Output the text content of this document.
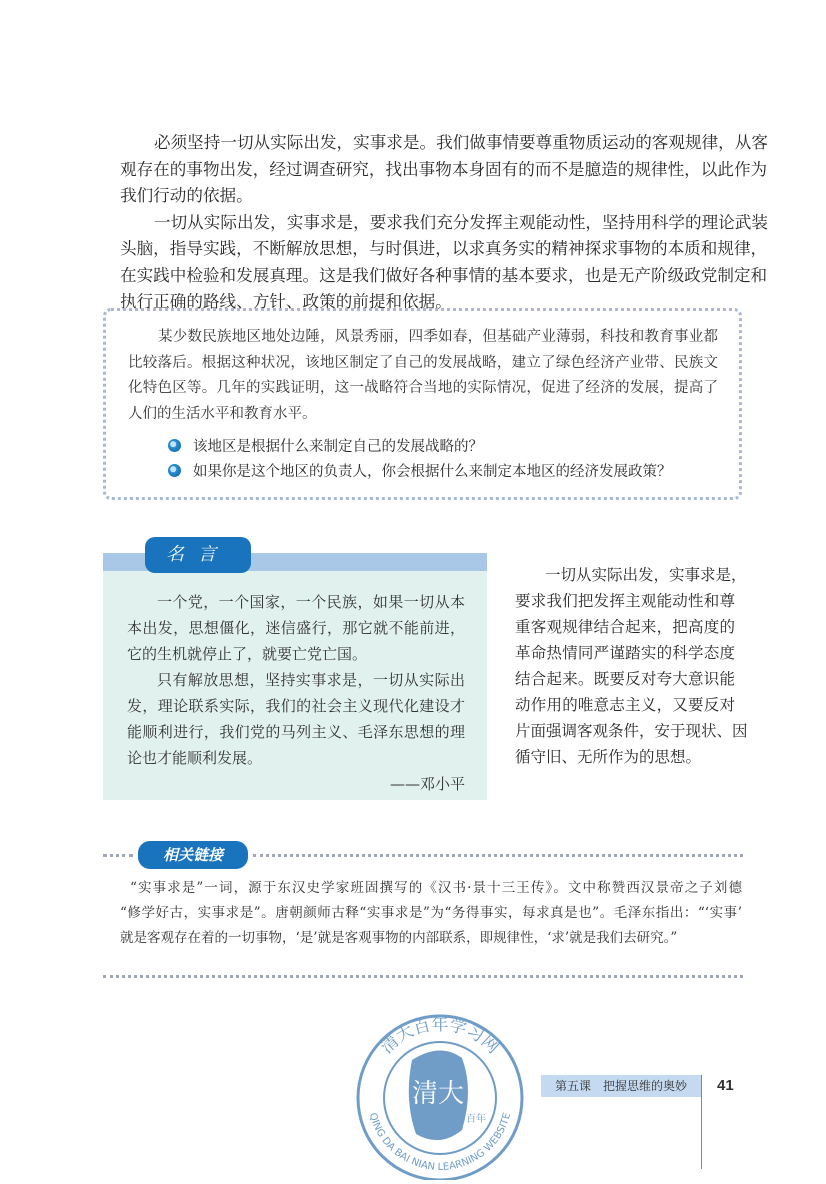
必须坚持一切从实际出发，实事求是。我们做事情要尊重物质运动的客观规律，从客
观存在的事物出发，经过调查研究，找出事物本身固有的而不是臆造的规律性，以此作为
我们行动的依据。
一切从实际出发，实事求是，要求我们充分发挥主观能动性，坚持用科学的理论武装
头脑，指导实践，不断解放思想，与时俱进，以求真务实的精神探求事物的本质和规律，
在实践中检验和发展真理。这是我们做好各种事情的基本要求，也是无产阶级政党制定和
执行正确的路线、方针、政策的前提和依据。
某少数民族地区地处边陲，风景秀丽，四季如春，但基础产业薄弱，科技和教育事业都
比较落后。根据这种状况，该地区制定了自己的发展战略，建立了绿色经济产业带、民族文
化特色区等。几年的实践证明，这一战略符合当地的实际情况，促进了经济的发展，提高了
人们的生活水平和教育水平。
该地区是根据什么来制定自己的发展战略的？
如果你是这个地区的负责人，你会根据什么来制定本地区的经济发展政策？
名言
一个党，一个国家，一个民族，如果一切从本
本出发，思想僵化，迷信盛行，那它就不能前进，
它的生机就停止了，就要亡党亡国。
只有解放思想，坚持实事求是，一切从实际出
发，理论联系实际，我们的社会主义现代化建设才
能顺利进行，我们党的马列主义、毛泽东思想的理
论也才能顺利发展。
——邓小平
一切从实际出发，实事求是，
要求我们把发挥主观能动性和尊
重客观规律结合起来，把高度的
革命热情同严谨踏实的科学态度
结合起来。既要反对夸大意识能
动作用的唯意志主义，又要反对
片面强调客观条件，安于现状、因
循守旧、无所作为的思想。
相关链接
“实事求是”一词，源于东汉史学家班固撰写的《汉书·景十三王传》。文中称赞西汉景帝之子刘德
“修学好古，实事求是”。唐朝颜师古释“实事求是”为“务得事实，每求真是也”。毛泽东指出：“‘实事’
就是客观存在着的一切事物，‘是’就是客观事物的内部联系，即规律性，‘求’就是我们去研究。”
清大百年学习网
QING DA BAI NIAN LEARNING WEBSITE
清大
百年
第五课　把握思维的奥妙	41
